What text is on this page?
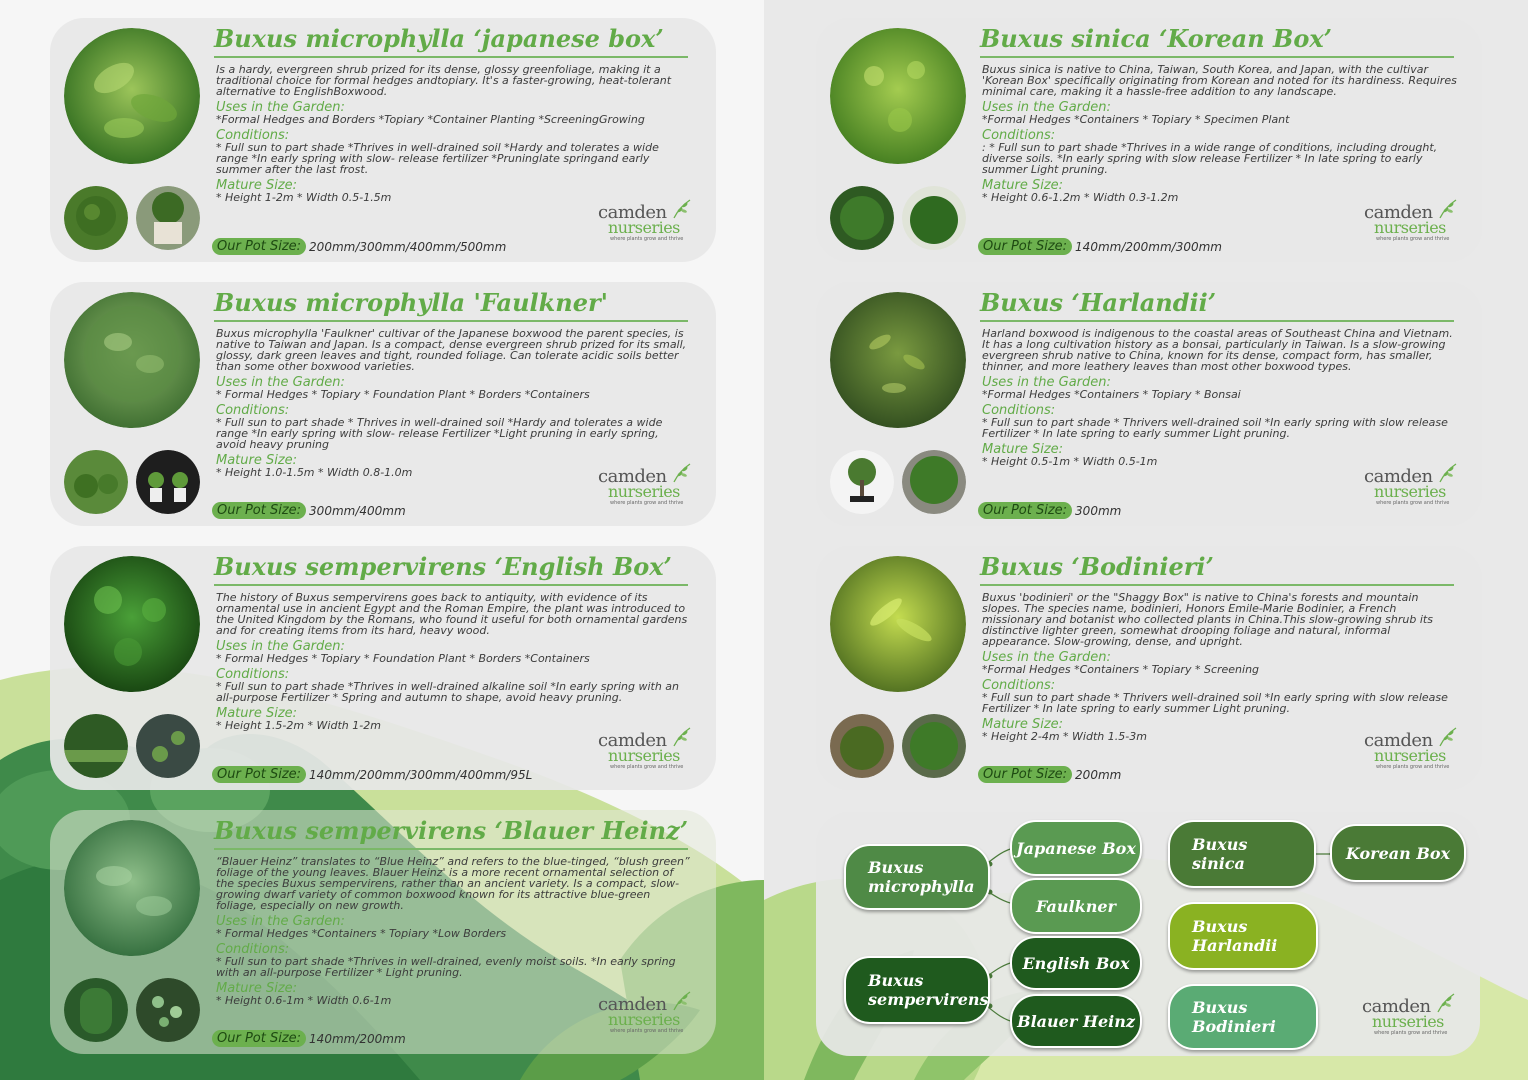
Buxus microphylla ‘japanese box’
Is a hardy, evergreen shrub prized for its dense, glossy greenfoliage, making it a traditional choice for formal hedges andtopiary. It's a faster-growing, heat-tolerant alternative to EnglishBoxwood.
Uses in the Garden:
*Formal Hedges and Borders *Topiary *Container Planting *ScreeningGrowing
Conditions:
* Full sun to part shade *Thrives in well-drained soil *Hardy and tolerates a wide range *In early spring with slow- release fertilizer *Pruninglate springand early summer after the last frost.
Mature Size:
* Height 1-2m * Width 0.5-1.5m
Our Pot Size: 200mm/300mm/400mm/500mm
camden
nurseries
where plants grow and thrive
Buxus microphylla 'Faulkner'
Buxus microphylla 'Faulkner' cultivar of the Japanese boxwood the parent species, is native to Taiwan and Japan. Is a compact, dense evergreen shrub prized for its small, glossy, dark green leaves and tight, rounded foliage. Can tolerate acidic soils better than some other boxwood varieties.
Uses in the Garden:
* Formal Hedges * Topiary * Foundation Plant * Borders *Containers
Conditions:
* Full sun to part shade * Thrives in well-drained soil *Hardy and tolerates a wide range *In early spring with slow- release Fertilizer *Light pruning in early spring, avoid heavy pruning
Mature Size:
* Height 1.0-1.5m * Width 0.8-1.0m
Our Pot Size: 300mm/400mm
camden
nurseries
where plants grow and thrive
Buxus sempervirens ‘English Box’
The history of Buxus sempervirens goes back to antiquity, with evidence of its ornamental use in ancient Egypt and the Roman Empire, the plant was introduced to the United Kingdom by the Romans, who found it useful for both ornamental gardens and for creating items from its hard, heavy wood.
Uses in the Garden:
* Formal Hedges * Topiary * Foundation Plant * Borders *Containers
Conditions:
* Full sun to part shade *Thrives in well-drained alkaline soil *In early spring with an all-purpose Fertilizer * Spring and autumn to shape, avoid heavy pruning.
Mature Size:
* Height 1.5-2m * Width 1-2m
Our Pot Size: 140mm/200mm/300mm/400mm/95L
camden
nurseries
where plants grow and thrive
Buxus sempervirens ‘Blauer Heinz’
“Blauer Heinz” translates to “Blue Heinz” and refers to the blue-tinged, “blush green” foliage of the young leaves. Blauer Heinz' is a more recent ornamental selection of the species Buxus sempervirens, rather than an ancient variety. Is a compact, slow-growing dwarf variety of common boxwood known for its attractive blue-green foliage, especially on new growth.
Uses in the Garden:
* Formal Hedges *Containers * Topiary *Low Borders
Conditions:
* Full sun to part shade *Thrives in well-drained, evenly moist soils. *In early spring with an all-purpose Fertilizer * Light pruning.
Mature Size:
* Height 0.6-1m * Width 0.6-1m
Our Pot Size: 140mm/200mm
camden
nurseries
where plants grow and thrive
Buxus sinica ‘Korean Box’
Buxus sinica is native to China, Taiwan, South Korea, and Japan, with the cultivar 'Korean Box' specifically originating from Korean and noted for its hardiness. Requires minimal care, making it a hassle-free addition to any landscape.
Uses in the Garden:
*Formal Hedges *Containers * Topiary * Specimen Plant
Conditions:
: * Full sun to part shade *Thrives in a wide range of conditions, including drought, diverse soils. *In early spring with slow release Fertilizer * In late spring to early summer Light pruning.
Mature Size:
* Height 0.6-1.2m * Width 0.3-1.2m
Our Pot Size: 140mm/200mm/300mm
camden
nurseries
where plants grow and thrive
Buxus ‘Harlandii’
Harland boxwood is indigenous to the coastal areas of Southeast China and Vietnam. It has a long cultivation history as a bonsai, particularly in Taiwan. Is a slow-growing evergreen shrub native to China, known for its dense, compact form, has smaller, thinner, and more leathery leaves than most other boxwood types.
Uses in the Garden:
*Formal Hedges *Containers * Topiary * Bonsai
Conditions:
* Full sun to part shade * Thrivers well-drained soil *In early spring with slow release Fertilizer * In late spring to early summer Light pruning.
Mature Size:
* Height 0.5-1m * Width 0.5-1m
Our Pot Size: 300mm
camden
nurseries
where plants grow and thrive
Buxus ‘Bodinieri’
Buxus 'bodinieri' or the "Shaggy Box" is native to China's forests and mountain slopes. The species name, bodinieri, Honors Emile-Marie Bodinier, a French missionary and botanist who collected plants in China.This slow-growing shrub its distinctive lighter green, somewhat drooping foliage and natural, informal appearance. Slow-growing, dense, and upright.
Uses in the Garden:
*Formal Hedges *Containers * Topiary * Screening
Conditions:
* Full sun to part shade * Thrivers well-drained soil *In early spring with slow release Fertilizer * In late spring to early summer Light pruning.
Mature Size:
* Height 2-4m * Width 1.5-3m
Our Pot Size: 200mm
camden
nurseries
where plants grow and thrive
Buxus microphylla
Japanese Box
Faulkner
Buxus sempervirens
English Box
Blauer Heinz
Buxus sinica
Korean Box
Buxus Harlandii
Buxus Bodinieri
camden
nurseries
where plants grow and thrive
